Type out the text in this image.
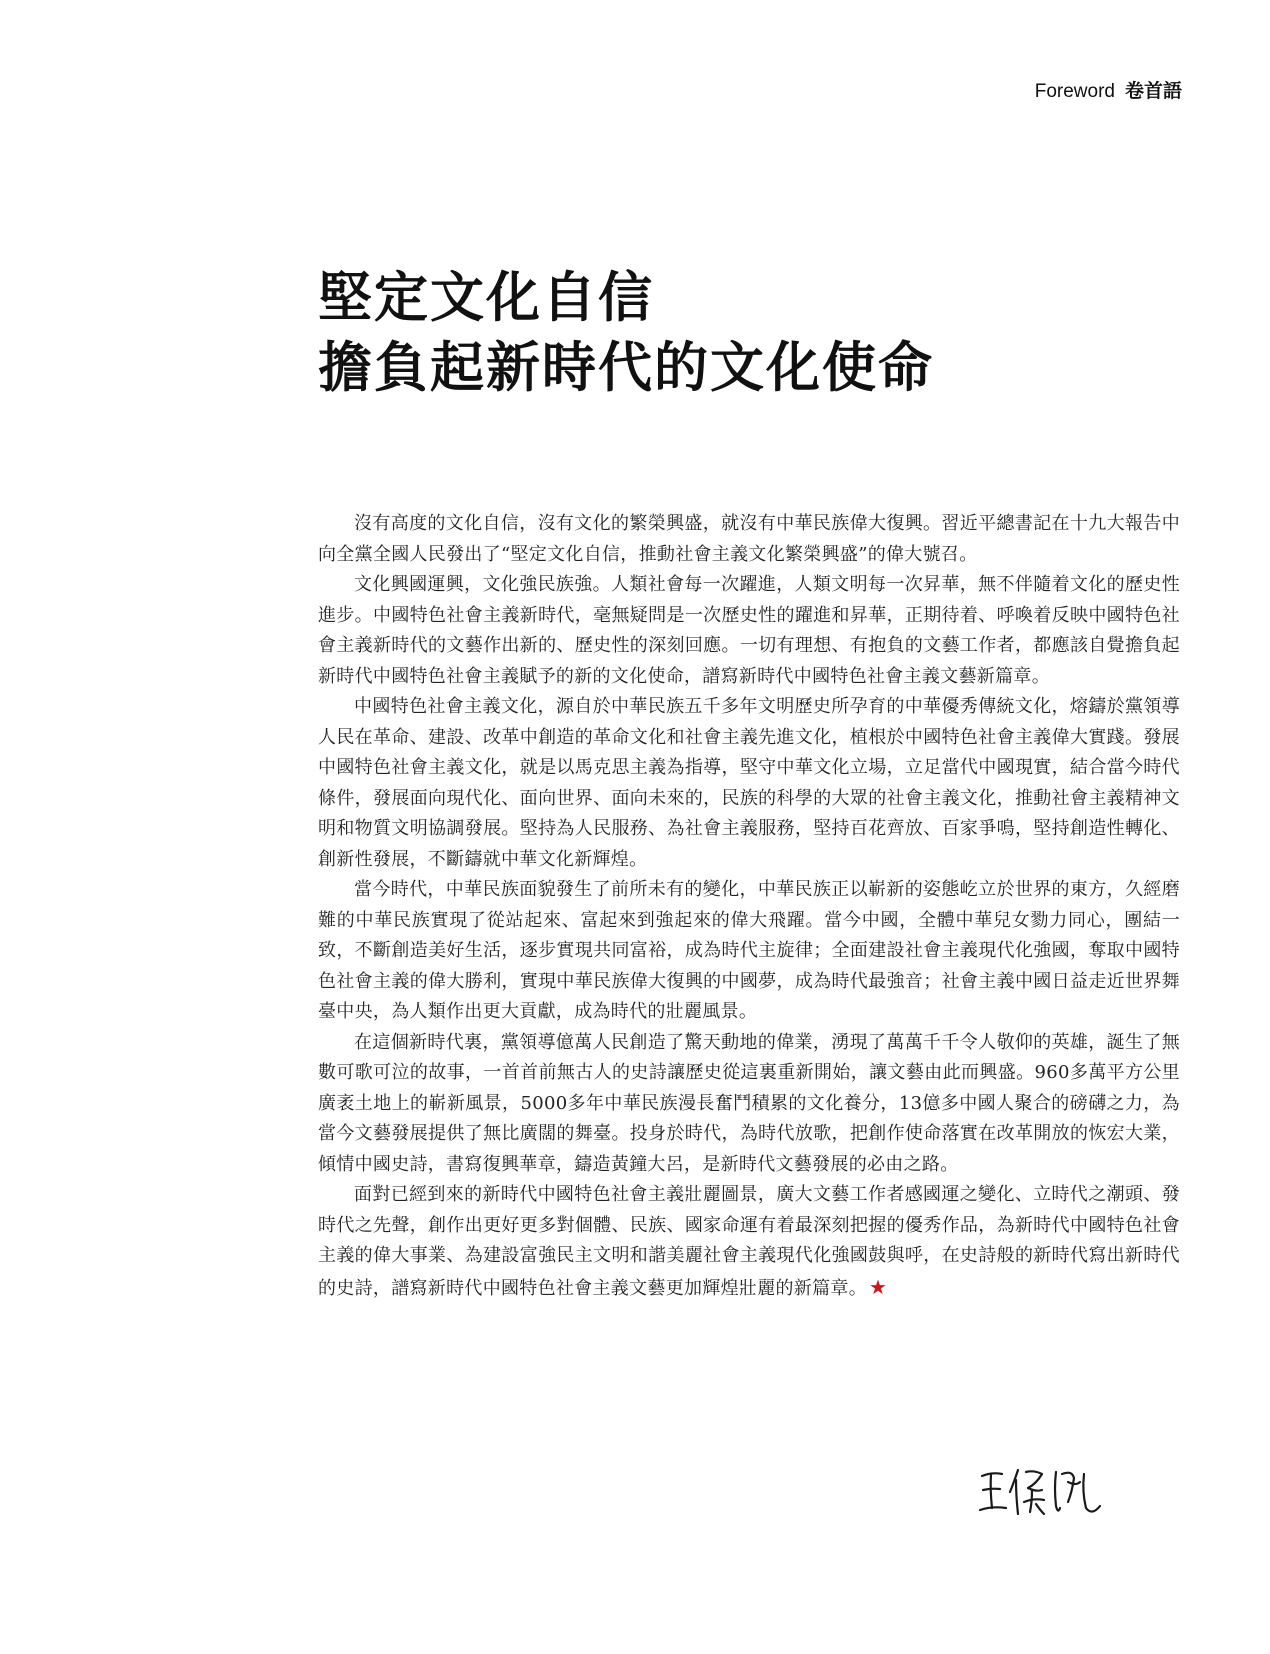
Foreword 卷首語
堅定文化自信
擔負起新時代的文化使命

沒有高度的文化自信，沒有文化的繁榮興盛，就沒有中華民族偉大復興。習近平總書記在十九大報告中向全黨全國人民發出了“堅定文化自信，推動社會主義文化繁榮興盛”的偉大號召。

文化興國運興，文化強民族強。人類社會每一次躍進，人類文明每一次昇華，無不伴隨着文化的歷史性進步。中國特色社會主義新時代，毫無疑問是一次歷史性的躍進和昇華，正期待着、呼喚着反映中國特色社會主義新時代的文藝作出新的、歷史性的深刻回應。一切有理想、有抱負的文藝工作者，都應該自覺擔負起新時代中國特色社會主義賦予的新的文化使命，譜寫新時代中國特色社會主義文藝新篇章。

中國特色社會主義文化，源自於中華民族五千多年文明歷史所孕育的中華優秀傳統文化，熔鑄於黨領導人民在革命、建設、改革中創造的革命文化和社會主義先進文化，植根於中國特色社會主義偉大實踐。發展中國特色社會主義文化，就是以馬克思主義為指導，堅守中華文化立場，立足當代中國現實，結合當今時代條件，發展面向現代化、面向世界、面向未來的，民族的科學的大眾的社會主義文化，推動社會主義精神文明和物質文明協調發展。堅持為人民服務、為社會主義服務，堅持百花齊放、百家爭鳴，堅持創造性轉化、創新性發展，不斷鑄就中華文化新輝煌。

當今時代，中華民族面貌發生了前所未有的變化，中華民族正以嶄新的姿態屹立於世界的東方，久經磨難的中華民族實現了從站起來、富起來到強起來的偉大飛躍。當今中國，全體中華兒女勠力同心，團結一致，不斷創造美好生活，逐步實現共同富裕，成為時代主旋律；全面建設社會主義現代化強國，奪取中國特色社會主義的偉大勝利，實現中華民族偉大復興的中國夢，成為時代最強音；社會主義中國日益走近世界舞臺中央，為人類作出更大貢獻，成為時代的壯麗風景。

在這個新時代裏，黨領導億萬人民創造了驚天動地的偉業，湧現了萬萬千千令人敬仰的英雄，誕生了無數可歌可泣的故事，一首首前無古人的史詩讓歷史從這裏重新開始，讓文藝由此而興盛。960多萬平方公里廣袤土地上的嶄新風景，5000多年中華民族漫長奮鬥積累的文化養分，13億多中國人聚合的磅礴之力，為當今文藝發展提供了無比廣闊的舞臺。投身於時代，為時代放歌，把創作使命落實在改革開放的恢宏大業，傾情中國史詩，書寫復興華章，鑄造黃鐘大呂，是新時代文藝發展的必由之路。

面對已經到來的新時代中國特色社會主義壯麗圖景，廣大文藝工作者感國運之變化、立時代之潮頭、發時代之先聲，創作出更好更多對個體、民族、國家命運有着最深刻把握的優秀作品，為新時代中國特色社會主義的偉大事業、為建設富強民主文明和諧美麗社會主義現代化強國鼓與呼，在史詩般的新時代寫出新時代的史詩，譜寫新時代中國特色社會主義文藝更加輝煌壯麗的新篇章。 ★
